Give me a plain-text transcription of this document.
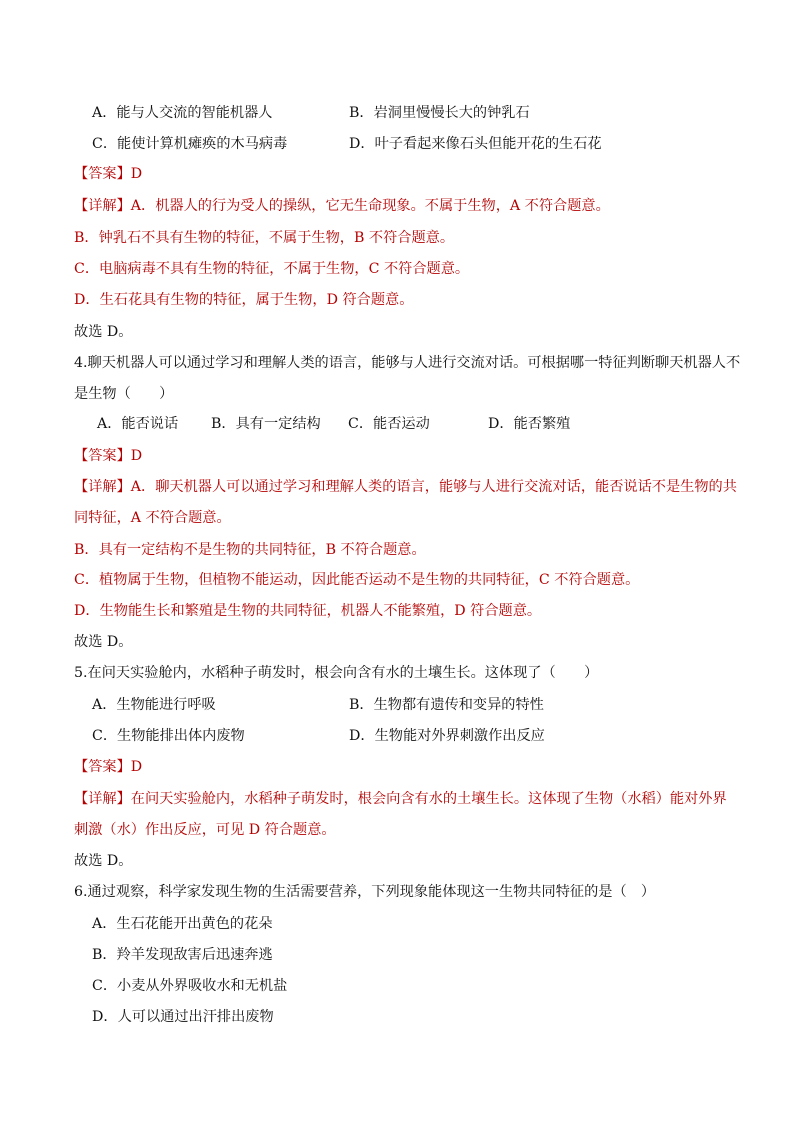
A．能与人交流的智能机器人	B．岩洞里慢慢长大的钟乳石
C．能使计算机瘫痪的木马病毒	D．叶子看起来像石头但能开花的生石花
【答案】D
【详解】A．机器人的行为受人的操纵，它无生命现象。不属于生物，A 不符合题意。
B．钟乳石不具有生物的特征，不属于生物，B 不符合题意。
C．电脑病毒不具有生物的特征，不属于生物，C 不符合题意。
D．生石花具有生物的特征，属于生物，D 符合题意。
故选 D。
4.聊天机器人可以通过学习和理解人类的语言，能够与人进行交流对话。可根据哪一特征判断聊天机器人不
是生物（　　）
A．能否说话 B．具有一定结构 C．能否运动	D．能否繁殖
【答案】D
【详解】A．聊天机器人可以通过学习和理解人类的语言，能够与人进行交流对话，能否说话不是生物的共
同特征，A 不符合题意。
B．具有一定结构不是生物的共同特征，B 不符合题意。
C．植物属于生物，但植物不能运动，因此能否运动不是生物的共同特征，C 不符合题意。
D．生物能生长和繁殖是生物的共同特征，机器人不能繁殖，D 符合题意。
故选 D。
5.在问天实验舱内，水稻种子萌发时，根会向含有水的土壤生长。这体现了（　　）
A．生物能进行呼吸	B．生物都有遗传和变异的特性
C．生物能排出体内废物	D．生物能对外界刺激作出反应
【答案】D
【详解】在问天实验舱内，水稻种子萌发时，根会向含有水的土壤生长。这体现了生物（水稻）能对外界
刺激（水）作出反应，可见 D 符合题意。
故选 D。
6.通过观察，科学家发现生物的生活需要营养，下列现象能体现这一生物共同特征的是（　）
A．生石花能开出黄色的花朵
B．羚羊发现敌害后迅速奔逃
C．小麦从外界吸收水和无机盐
D．人可以通过出汗排出废物
